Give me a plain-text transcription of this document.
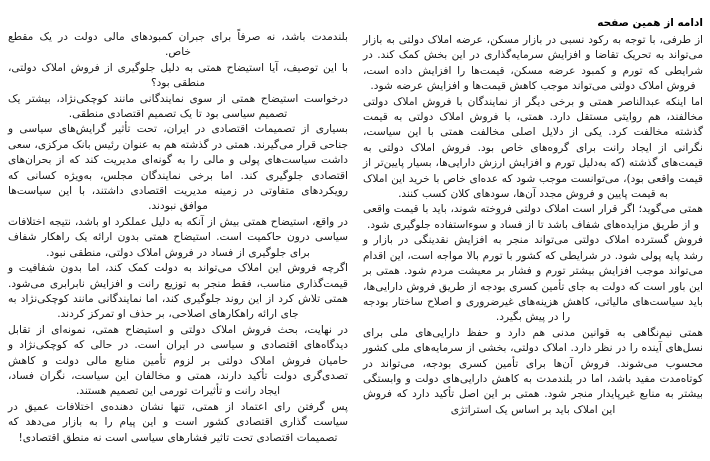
ادامه از همین صفحه

از طرفی، با توجه به رکود نسبی در بازار مسکن، عرضه املاک دولتی به بازار می‌تواند به تحریک تقاضا و افزایش سرمایه‌گذاری در این بخش کمک کند. در شرایطی که تورم و کمبود عرضه مسکن، قیمت‌ها را افزایش داده است، فروش املاک دولتی می‌تواند موجب کاهش قیمت‌ها و افزایش عرضه شود.

اما اینکه عبدالناصر همتی و برخی دیگر از نمایندگان با فروش املاک دولتی مخالفند، هم روایتی مستقل دارد. همتی، با فروش املاک دولتی به قیمت گذشته مخالفت کرد. یکی از دلایل اصلی مخالفت همتی با این سیاست، نگرانی از ایجاد رانت برای گروه‌های خاص بود. فروش املاک دولتی به قیمت‌های گذشته (که به‌دلیل تورم و افزایش ارزش دارایی‌ها، بسیار پایین‌تر از قیمت واقعی بود)، می‌توانست موجب شود که عده‌ای خاص با خرید این املاک به قیمت پایین و فروش مجدد آن‌ها، سودهای کلان کسب کنند.

همتی می‌گوید؛ اگر قرار است املاک دولتی فروخته شوند، باید با قیمت واقعی و از طریق مزایده‌های شفاف باشد تا از فساد و سوءاستفاده جلوگیری شود.

فروش گسترده املاک دولتی می‌تواند منجر به افزایش نقدینگی در بازار و رشد پایه پولی شود. در شرایطی که کشور با تورم بالا مواجه است، این اقدام می‌تواند موجب افزایش بیشتر تورم و فشار بر معیشت مردم شود. همتی بر این باور است که دولت به جای تأمین کسری بودجه از طریق فروش دارایی‌ها، باید سیاست‌های مالیاتی، کاهش هزینه‌های غیرضروری و اصلاح ساختار بودجه را در پیش بگیرد.

همتی نیم‌نگاهی به قوانین مدنی هم دارد و حفظ دارایی‌های ملی برای نسل‌های آینده را در نظر دارد. املاک دولتی، بخشی از سرمایه‌های ملی کشور محسوب می‌شوند. فروش آن‌ها برای تأمین کسری بودجه، می‌تواند در کوتاه‌مدت مفید باشد، اما در بلندمدت به کاهش دارایی‌های دولت و وابستگی بیشتر به منابع غیرپایدار منجر شود. همتی بر این اصل تأکید دارد که فروش این املاک باید بر اساس یک استراتژی

بلندمدت باشد، نه صرفاً برای جبران کمبودهای مالی دولت در یک مقطع خاص.

با این توصیف، آیا استیضاح همتی به دلیل جلوگیری از فروش املاک دولتی، منطقی بود؟

درخواست استیضاح همتی از سوی نمایندگانی مانند کوچکی‌نژاد، بیشتر یک تصمیم سیاسی بود تا یک تصمیم اقتصادی منطقی.

بسیاری از تصمیمات اقتصادی در ایران، تحت تأثیر گرایش‌های سیاسی و جناحی قرار می‌گیرند. همتی در گذشته هم به عنوان رئیس بانک مرکزی، سعی داشت سیاست‌های پولی و مالی را به گونه‌ای مدیریت کند که از بحران‌های اقتصادی جلوگیری کند. اما برخی نمایندگان مجلس، به‌ویژه کسانی که رویکردهای متفاوتی در زمینه مدیریت اقتصادی داشتند، با این سیاست‌ها موافق نبودند.

در واقع، استیضاح همتی بیش از آنکه به دلیل عملکرد او باشد، نتیجه اختلافات سیاسی درون حاکمیت است. استیضاح همتی بدون ارائه یک راهکار شفاف برای جلوگیری از فساد در فروش املاک دولتی، منطقی نبود.

اگرچه فروش این املاک می‌تواند به دولت کمک کند، اما بدون شفافیت و قیمت‌گذاری مناسب، فقط منجر به توزیع رانت و افزایش نابرابری می‌شود. همتی تلاش کرد از این روند جلوگیری کند، اما نمایندگانی مانند کوچکی‌نژاد به جای ارائه راهکارهای اصلاحی، بر حذف او تمرکز کردند.

در نهایت، بحث فروش املاک دولتی و استیضاح همتی، نمونه‌ای از تقابل دیدگاه‌های اقتصادی و سیاسی در ایران است. در حالی که کوچکی‌نژاد و حامیان فروش املاک دولتی بر لزوم تأمین منابع مالی دولت و کاهش تصدی‌گری دولت تأکید دارند، همتی و مخالفان این سیاست، نگران فساد، ایجاد رانت و تأثیرات تورمی این تصمیم هستند.

پس گرفتن رای اعتماد از همتی، تنها نشان دهنده‌ی اختلافات عمیق در سیاست گذاری اقتصادی کشور است و این پیام را به بازار می‌دهد که تصمیمات اقتصادی تحت تاثیر فشارهای سیاسی است نه منطق اقتصادی!
